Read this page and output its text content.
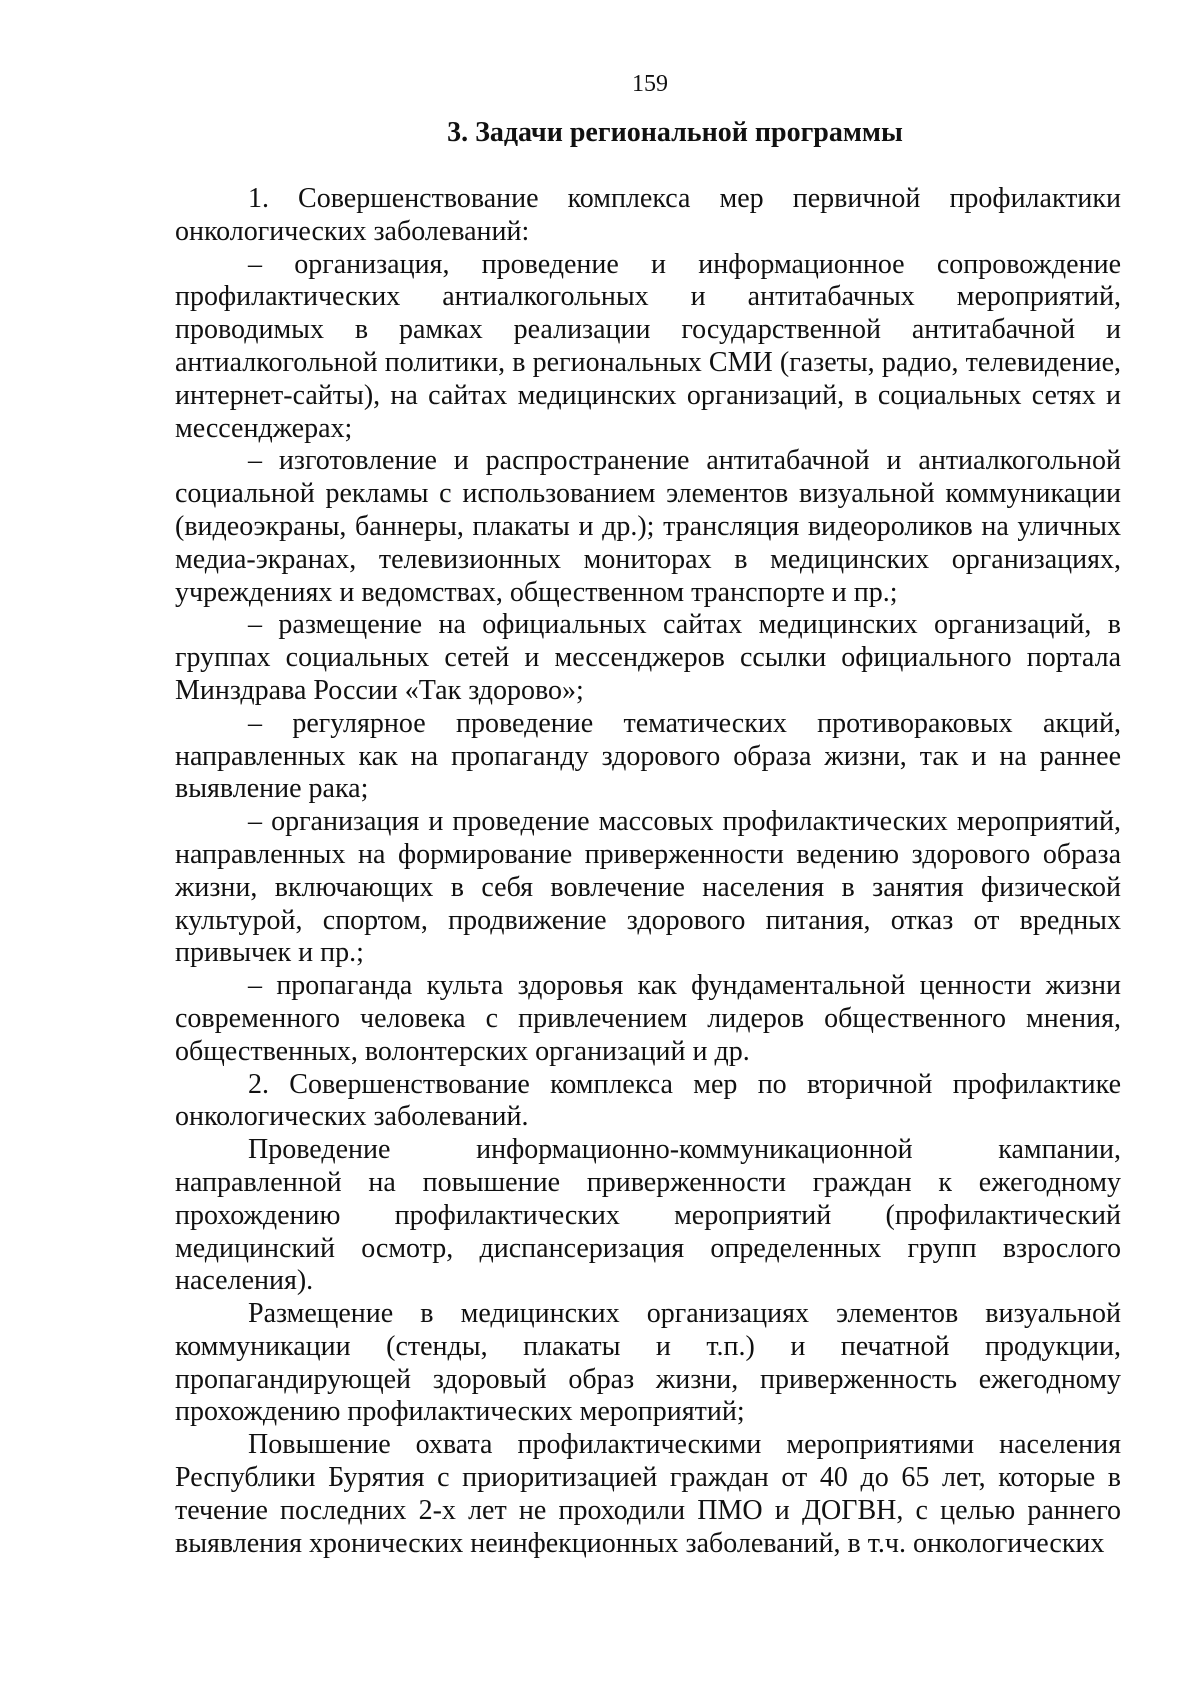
159
3. Задачи региональной программы

1. Совершенствование комплекса мер первичной профилактики онкологических заболеваний:

– организация, проведение и информационное сопровождение профилактических антиалкогольных и антитабачных мероприятий, проводимых в рамках реализации государственной антитабачной и антиалкогольной политики, в региональных СМИ (газеты, радио, телевидение, интернет-сайты), на сайтах медицинских организаций, в социальных сетях и мессенджерах;

– изготовление и распространение антитабачной и антиалкогольной социальной рекламы с использованием элементов визуальной коммуникации (видеоэкраны, баннеры, плакаты и др.); трансляция видеороликов на уличных медиа-экранах, телевизионных мониторах в медицинских организациях, учреждениях и ведомствах, общественном транспорте и пр.;

– размещение на официальных сайтах медицинских организаций, в группах социальных сетей и мессенджеров ссылки официального портала Минздрава России «Так здорово»;

– регулярное проведение тематических противораковых акций, направленных как на пропаганду здорового образа жизни, так и на раннее выявление рака;

– организация и проведение массовых профилактических мероприятий, направленных на формирование приверженности ведению здорового образа жизни, включающих в себя вовлечение населения в занятия физической культурой, спортом, продвижение здорового питания, отказ от вредных привычек и пр.;

– пропаганда культа здоровья как фундаментальной ценности жизни современного человека с привлечением лидеров общественного мнения, общественных, волонтерских организаций и др.

2. Совершенствование комплекса мер по вторичной профилактике онкологических заболеваний.

Проведение информационно-коммуникационной кампании, направленной на повышение приверженности граждан к ежегодному прохождению профилактических мероприятий (профилактический медицинский осмотр, диспансеризация определенных групп взрослого населения).

Размещение в медицинских организациях элементов визуальной коммуникации (стенды, плакаты и т.п.) и печатной продукции, пропагандирующей здоровый образ жизни, приверженность ежегодному прохождению профилактических мероприятий;

Повышение охвата профилактическими мероприятиями населения Республики Бурятия с приоритизацией граждан от 40 до 65 лет, которые в течение последних 2-х лет не проходили ПМО и ДОГВН, с целью раннего выявления хронических неинфекционных заболеваний, в т.ч. онкологических
